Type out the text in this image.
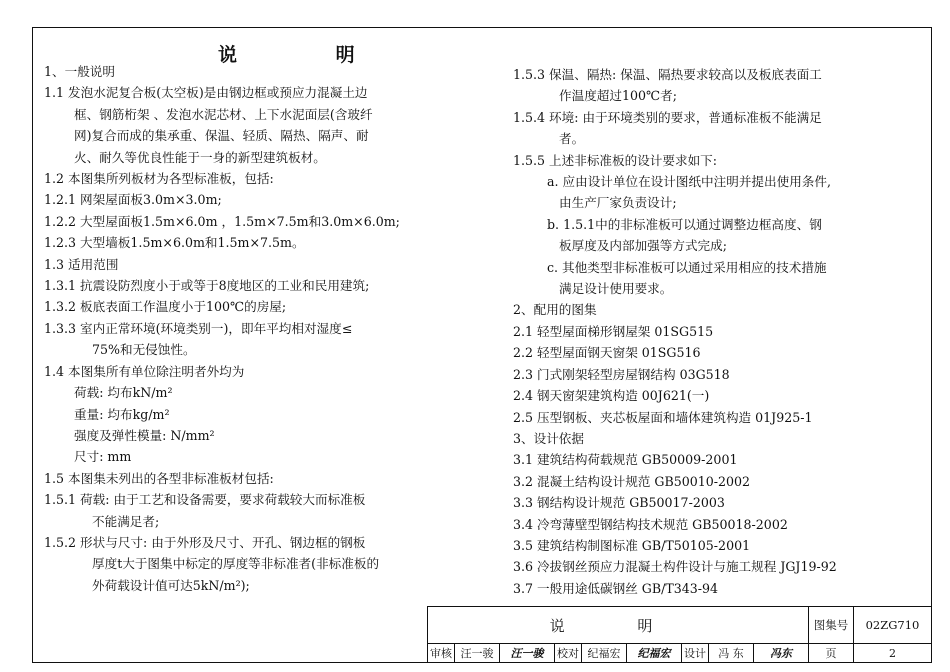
说 明
1、一般说明
1.1 发泡水泥复合板(太空板)是由钢边框或预应力混凝土边
框、钢筋桁架 、发泡水泥芯材、上下水泥面层(含玻纤
网)复合而成的集承重、保温、轻质、隔热、隔声、耐
火、耐久等优良性能于一身的新型建筑板材。
1.2 本图集所列板材为各型标准板，包括:
1.2.1 网架屋面板3.0m×3.0m;
1.2.2 大型屋面板1.5m×6.0m ，1.5m×7.5m和3.0m×6.0m;
1.2.3 大型墙板1.5m×6.0m和1.5m×7.5m。
1.3 适用范围
1.3.1 抗震设防烈度小于或等于8度地区的工业和民用建筑;
1.3.2 板底表面工作温度小于100℃的房屋;
1.3.3 室内正常环境(环境类别一)，即年平均相对湿度≤
75%和无侵蚀性。
1.4 本图集所有单位除注明者外均为
荷载: 均布kN/m²
重量: 均布kg/m²
强度及弹性模量: N/mm²
尺寸: mm
1.5 本图集未列出的各型非标准板材包括:
1.5.1 荷载: 由于工艺和设备需要，要求荷载较大而标准板
不能满足者;
1.5.2 形状与尺寸: 由于外形及尺寸、开孔、钢边框的钢板
厚度t大于图集中标定的厚度等非标准者(非标准板的
外荷载设计值可达5kN/m²);
1.5.3 保温、隔热: 保温、隔热要求较高以及板底表面工
作温度超过100℃者;
1.5.4 环境: 由于环境类别的要求，普通标准板不能满足
者。
1.5.5 上述非标准板的设计要求如下:
a. 应由设计单位在设计图纸中注明并提出使用条件,
由生产厂家负责设计;
b. 1.5.1中的非标准板可以通过调整边框高度、钢
板厚度及内部加强等方式完成;
c. 其他类型非标准板可以通过采用相应的技术措施
满足设计使用要求。
2、配用的图集
2.1 轻型屋面梯形钢屋架 01SG515
2.2 轻型屋面钢天窗架 01SG516
2.3 门式刚架轻型房屋钢结构 03G518
2.4 钢天窗架建筑构造 00J621(一)
2.5 压型钢板、夹芯板屋面和墙体建筑构造 01J925-1
3、设计依据
3.1 建筑结构荷载规范 GB50009-2001
3.2 混凝土结构设计规范 GB50010-2002
3.3 钢结构设计规范 GB50017-2003
3.4 冷弯薄壁型钢结构技术规范 GB50018-2002
3.5 建筑结构制图标准 GB/T50105-2001
3.6 冷拔钢丝预应力混凝土构件设计与施工规程 JGJ19-92
3.7 一般用途低碳钢丝 GB/T343-94
说 明	图集号	02ZG710
审核 汪一骏	汪一骏	校对 纪福宏	纪福宏	设计	冯 东	冯东	页	2
